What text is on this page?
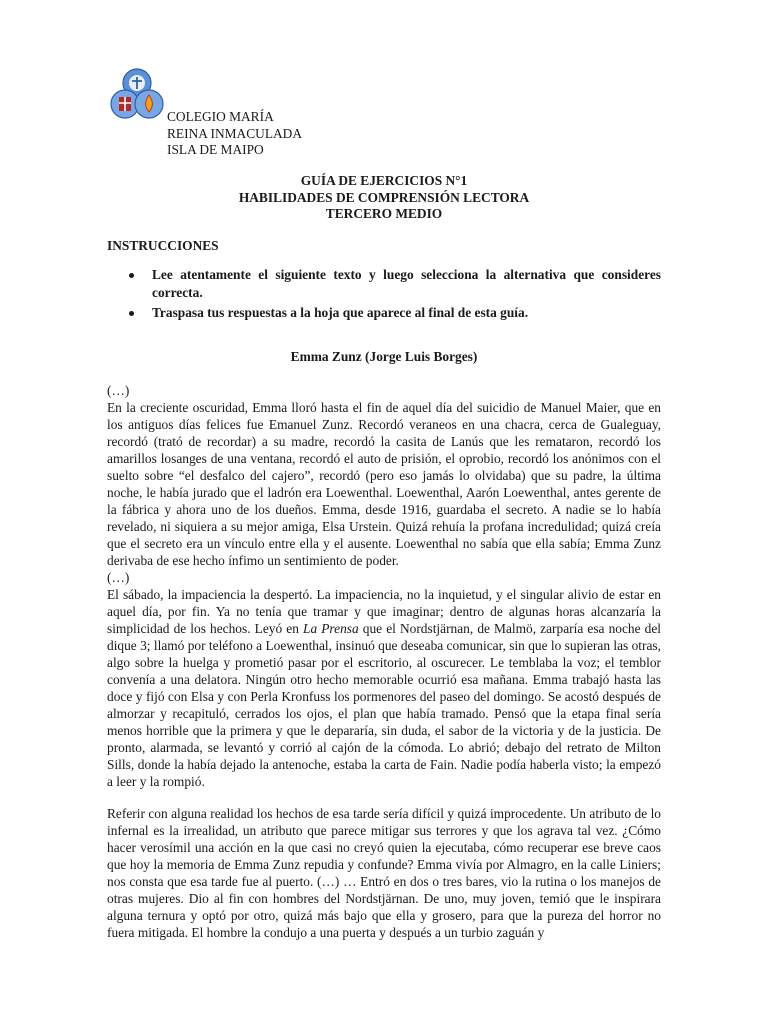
COLEGIO MARÍA
REINA INMACULADA
ISLA DE MAIPO
GUÍA DE EJERCICIOS N°1
HABILIDADES DE COMPRENSIÓN LECTORA
TERCERO MEDIO
INSTRUCCIONES
Lee atentamente el siguiente texto y luego selecciona la alternativa que consideres correcta.
Traspasa tus respuestas a la hoja que aparece al final de esta guía.
Emma Zunz (Jorge Luis Borges)

(…)

En la creciente oscuridad, Emma lloró hasta el fin de aquel día del suicidio de Manuel Maier, que en los antiguos días felices fue Emanuel Zunz. Recordó veraneos en una chacra, cerca de Gualeguay, recordó (trató de recordar) a su madre, recordó la casita de Lanús que les remataron, recordó los amarillos losanges de una ventana, recordó el auto de prisión, el oprobio, recordó los anónimos con el suelto sobre “el desfalco del cajero”, recordó (pero eso jamás lo olvidaba) que su padre, la última noche, le había jurado que el ladrón era Loewenthal. Loewenthal, Aarón Loewenthal, antes gerente de la fábrica y ahora uno de los dueños. Emma, desde 1916, guardaba el secreto. A nadie se lo había revelado, ni siquiera a su mejor amiga, Elsa Urstein. Quizá rehuía la profana incredulidad; quizá creía que el secreto era un vínculo entre ella y el ausente. Loewenthal no sabía que ella sabía; Emma Zunz derivaba de ese hecho ínfimo un sentimiento de poder.

(…)

El sábado, la impaciencia la despertó. La impaciencia, no la inquietud, y el singular alivio de estar en aquel día, por fin. Ya no tenía que tramar y que imaginar; dentro de algunas horas alcanzaría la simplicidad de los hechos. Leyó en La Prensa que el Nordstjärnan, de Malmö, zarparía esa noche del dique 3; llamó por teléfono a Loewenthal, insinuó que deseaba comunicar, sin que lo supieran las otras, algo sobre la huelga y prometió pasar por el escritorio, al oscurecer. Le temblaba la voz; el temblor convenía a una delatora. Ningún otro hecho memorable ocurrió esa mañana. Emma trabajó hasta las doce y fijó con Elsa y con Perla Kronfuss los pormenores del paseo del domingo. Se acostó después de almorzar y recapituló, cerrados los ojos, el plan que había tramado. Pensó que la etapa final sería menos horrible que la primera y que le depararía, sin duda, el sabor de la victoria y de la justicia. De pronto, alarmada, se levantó y corrió al cajón de la cómoda. Lo abrió; debajo del retrato de Milton Sills, donde la había dejado la antenoche, estaba la carta de Fain. Nadie podía haberla visto; la empezó a leer y la rompió.

Referir con alguna realidad los hechos de esa tarde sería difícil y quizá improcedente. Un atributo de lo infernal es la irrealidad, un atributo que parece mitigar sus terrores y que los agrava tal vez. ¿Cómo hacer verosímil una acción en la que casi no creyó quien la ejecutaba, cómo recuperar ese breve caos que hoy la memoria de Emma Zunz repudia y confunde? Emma vivía por Almagro, en la calle Liniers; nos consta que esa tarde fue al puerto. (…) … Entró en dos o tres bares, vio la rutina o los manejos de otras mujeres. Dio al fin con hombres del Nordstjärnan. De uno, muy joven, temió que le inspirara alguna ternura y optó por otro, quizá más bajo que ella y grosero, para que la pureza del horror no fuera mitigada. El hombre la condujo a una puerta y después a un turbio zaguán y
